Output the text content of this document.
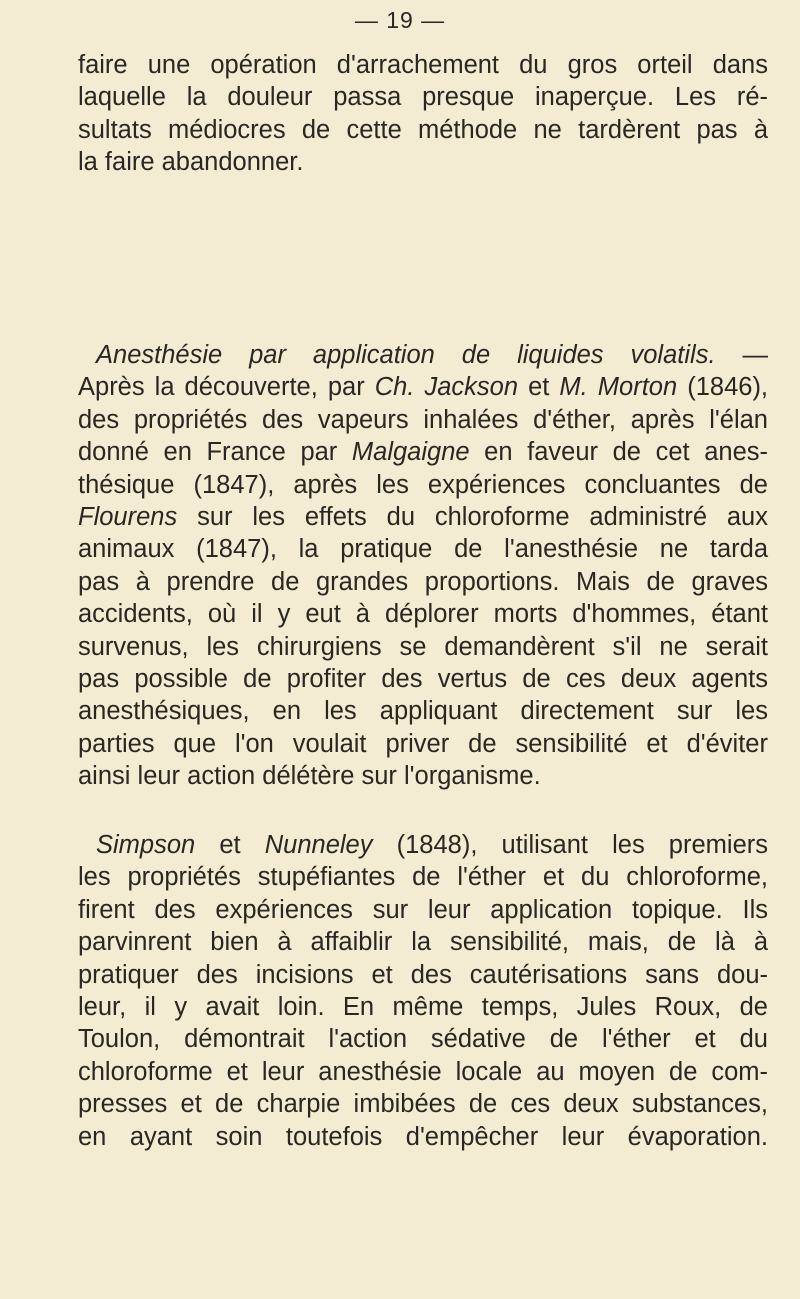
— 19 —
faire une opération d'arrachement du gros orteil dans
laquelle la douleur passa presque inaperçue. Les ré-
sultats médiocres de cette méthode ne tardèrent pas à
la faire abandonner.
Anesthésie par application de liquides volatils. —
Après la découverte, par Ch. Jackson et M. Morton (1846),
des propriétés des vapeurs inhalées d'éther, après l'élan
donné en France par Malgaigne en faveur de cet anes-
thésique (1847), après les expériences concluantes de
Flourens sur les effets du chloroforme administré aux
animaux (1847), la pratique de l'anesthésie ne tarda
pas à prendre de grandes proportions. Mais de graves
accidents, où il y eut à déplorer morts d'hommes, étant
survenus, les chirurgiens se demandèrent s'il ne serait
pas possible de profiter des vertus de ces deux agents
anesthésiques, en les appliquant directement sur les
parties que l'on voulait priver de sensibilité et d'éviter
ainsi leur action délétère sur l'organisme.
Simpson et Nunneley (1848), utilisant les premiers
les propriétés stupéfiantes de l'éther et du chloroforme,
firent des expériences sur leur application topique. Ils
parvinrent bien à affaiblir la sensibilité, mais, de là à
pratiquer des incisions et des cautérisations sans dou-
leur, il y avait loin. En même temps, Jules Roux, de
Toulon, démontrait l'action sédative de l'éther et du
chloroforme et leur anesthésie locale au moyen de com-
presses et de charpie imbibées de ces deux substances,
en ayant soin toutefois d'empêcher leur évaporation.
